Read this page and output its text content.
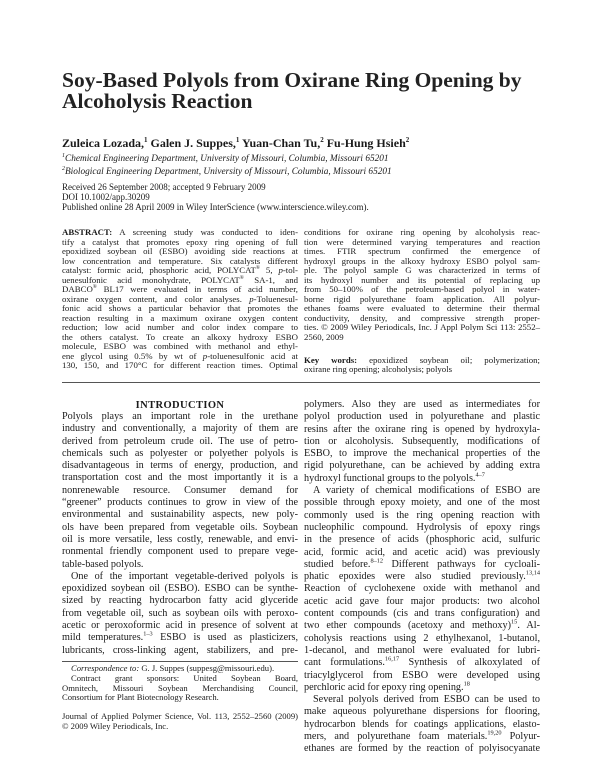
Soy-Based Polyols from Oxirane Ring Opening by
Alcoholysis Reaction
Zuleica Lozada,$^1$ Galen J. Suppes,$^1$ Yuan-Chan Tu,$^2$ Fu-Hung Hsieh$^2$
$^1$Chemical Engineering Department, University of Missouri, Columbia, Missouri 65201
$^2$Biological Engineering Department, University of Missouri, Columbia, Missouri 65201
Received 26 September 2008; accepted 9 February 2009
DOI 10.1002/app.30209
Published online 28 April 2009 in Wiley InterScience (www.interscience.wiley.com).
ABSTRACT: A screening study was conducted to iden-
tify a catalyst that promotes epoxy ring opening of full
epoxidized soybean oil (ESBO) avoiding side reactions at
low concentration and temperature. Six catalysts different
catalyst: formic acid, phosphoric acid, POLYCAT® 5, p-tol-
uenesulfonic acid monohydrate, POLYCAT® SA-1, and
DABCO® BL17 were evaluated in terms of acid number,
oxirane oxygen content, and color analyses. p-Toluenesul-
fonic acid shows a particular behavior that promotes the
reaction resulting in a maximum oxirane oxygen content
reduction; low acid number and color index compare to
the others catalyst. To create an alkoxy hydroxy ESBO
molecule, ESBO was combined with methanol and ethyl-
ene glycol using 0.5% by wt of p-toluenesulfonic acid at
130, 150, and 170°C for different reaction times. Optimal
conditions for oxirane ring opening by alcoholysis reac-
tion were determined varying temperatures and reaction
times. FTIR spectrum confirmed the emergence of
hydroxyl groups in the alkoxy hydroxy ESBO polyol sam-
ple. The polyol sample G was characterized in terms of
its hydroxyl number and its potential of replacing up
from 50–100% of the petroleum-based polyol in water-
borne rigid polyurethane foam application. All polyur-
ethanes foams were evaluated to determine their thermal
conductivity, density, and compressive strength proper-
ties. © 2009 Wiley Periodicals, Inc. J Appl Polym Sci 113: 2552–
2560, 2009
Key words: epoxidized soybean oil; polymerization;
oxirane ring opening; alcoholysis; polyols
INTRODUCTION
Polyols plays an important role in the urethane
industry and conventionally, a majority of them are
derived from petroleum crude oil. The use of petro-
chemicals such as polyester or polyether polyols is
disadvantageous in terms of energy, production, and
transportation cost and the most importantly it is a
nonrenewable resource. Consumer demand for
“greener” products continues to grow in view of the
environmental and sustainability aspects, new poly-
ols have been prepared from vegetable oils. Soybean
oil is more versatile, less costly, renewable, and envi-
ronmental friendly component used to prepare vege-
table-based polyols.
One of the important vegetable-derived polyols is
epoxidized soybean oil (ESBO). ESBO can be synthe-
sized by reacting hydrocarbon fatty acid glyceride
from vegetable oil, such as soybean oils with peroxo-
acetic or peroxoformic acid in presence of solvent at
mild temperatures.$^{1-3}$ ESBO is used as plasticizers,
lubricants, cross-linking agent, stabilizers, and pre-
polymers. Also they are used as intermediates for
polyol production used in polyurethane and plastic
resins after the oxirane ring is opened by hydroxyla-
tion or alcoholysis. Subsequently, modifications of
ESBO, to improve the mechanical properties of the
rigid polyurethane, can be achieved by adding extra
hydroxyl functional groups to the polyols.$^{4-7}$
A variety of chemical modifications of ESBO are
possible through epoxy moiety, and one of the most
commonly used is the ring opening reaction with
nucleophilic compound. Hydrolysis of epoxy rings
in the presence of acids (phosphoric acid, sulfuric
acid, formic acid, and acetic acid) was previously
studied before.$^{8-12}$ Different pathways for cycloali-
phatic epoxides were also studied previously.$^{13,14}$
Reaction of cyclohexene oxide with methanol and
acetic acid gave four major products: two alcohol
content compounds (cis and trans configuration) and
two ether compounds (acetoxy and methoxy)$^{15}$. Al-
coholysis reactions using 2 ethylhexanol, 1-butanol,
1-decanol, and methanol were evaluated for lubri-
cant formulations.$^{16,17}$ Synthesis of alkoxylated of
triacylglycerol from ESBO were developed using
perchloric acid for epoxy ring opening.$^{18}$
Several polyols derived from ESBO can be used to
make aqueous polyurethane dispersions for flooring,
hydrocarbon blends for coatings applications, elasto-
mers, and polyurethane foam materials.$^{19,20}$ Polyur-
ethanes are formed by the reaction of polyisocyanate
Correspondence to: G. J. Suppes (suppesg@missouri.edu).
Contract grant sponsors: United Soybean Board,
Omnitech, Missouri Soybean Merchandising Council,
Consortium for Plant Biotecnology Research.
Journal of Applied Polymer Science, Vol. 113, 2552–2560 (2009)
© 2009 Wiley Periodicals, Inc.
